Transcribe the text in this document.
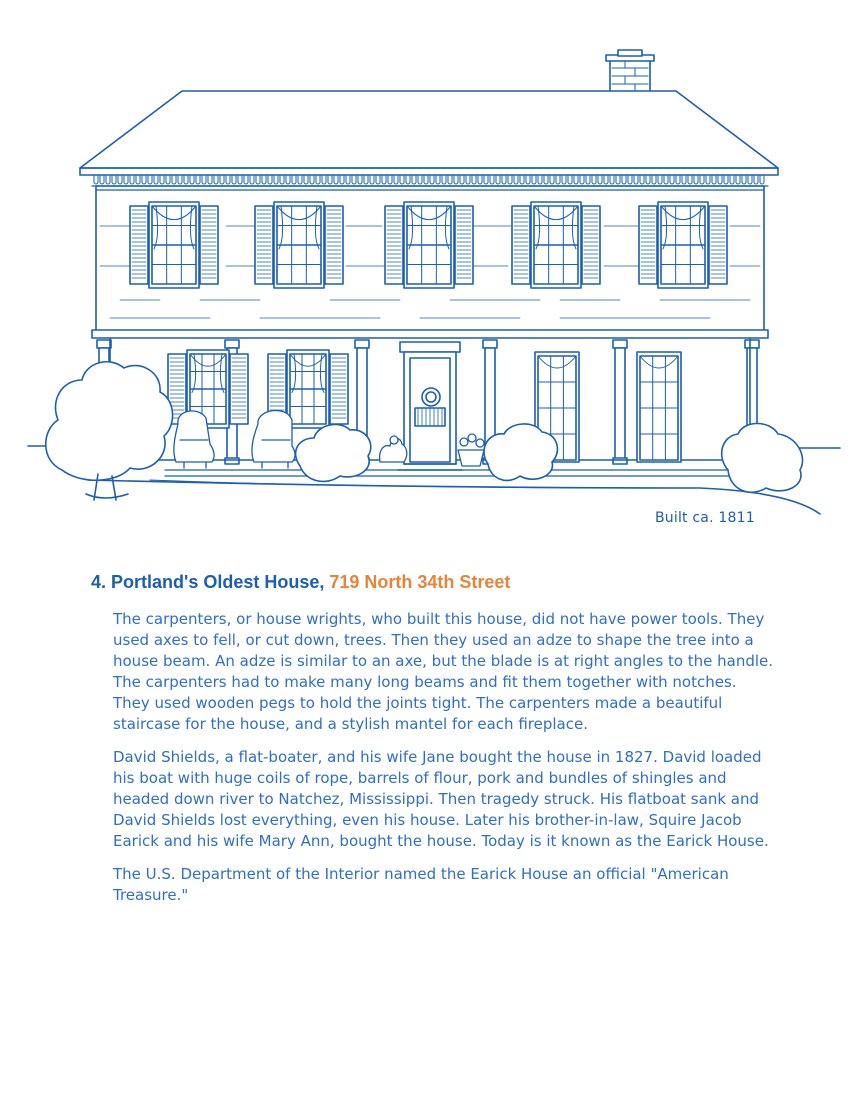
Built ca. 1811
4. Portland's Oldest House, 719 North 34th Street

The carpenters, or house wrights, who built this house, did not have power tools. They used axes to fell, or cut down, trees. Then they used an adze to shape the tree into a house beam. An adze is similar to an axe, but the blade is at right angles to the handle. The carpenters had to make many long beams and fit them together with notches. They used wooden pegs to hold the joints tight. The carpenters made a beautiful staircase for the house, and a stylish mantel for each fireplace.

David Shields, a flat-boater, and his wife Jane bought the house in 1827. David loaded his boat with huge coils of rope, barrels of flour, pork and bundles of shingles and headed down river to Natchez, Mississippi. Then tragedy struck. His flatboat sank and David Shields lost everything, even his house. Later his brother-in-law, Squire Jacob Earick and his wife Mary Ann, bought the house. Today is it known as the Earick House.

The U.S. Department of the Interior named the Earick House an official "American Treasure."
